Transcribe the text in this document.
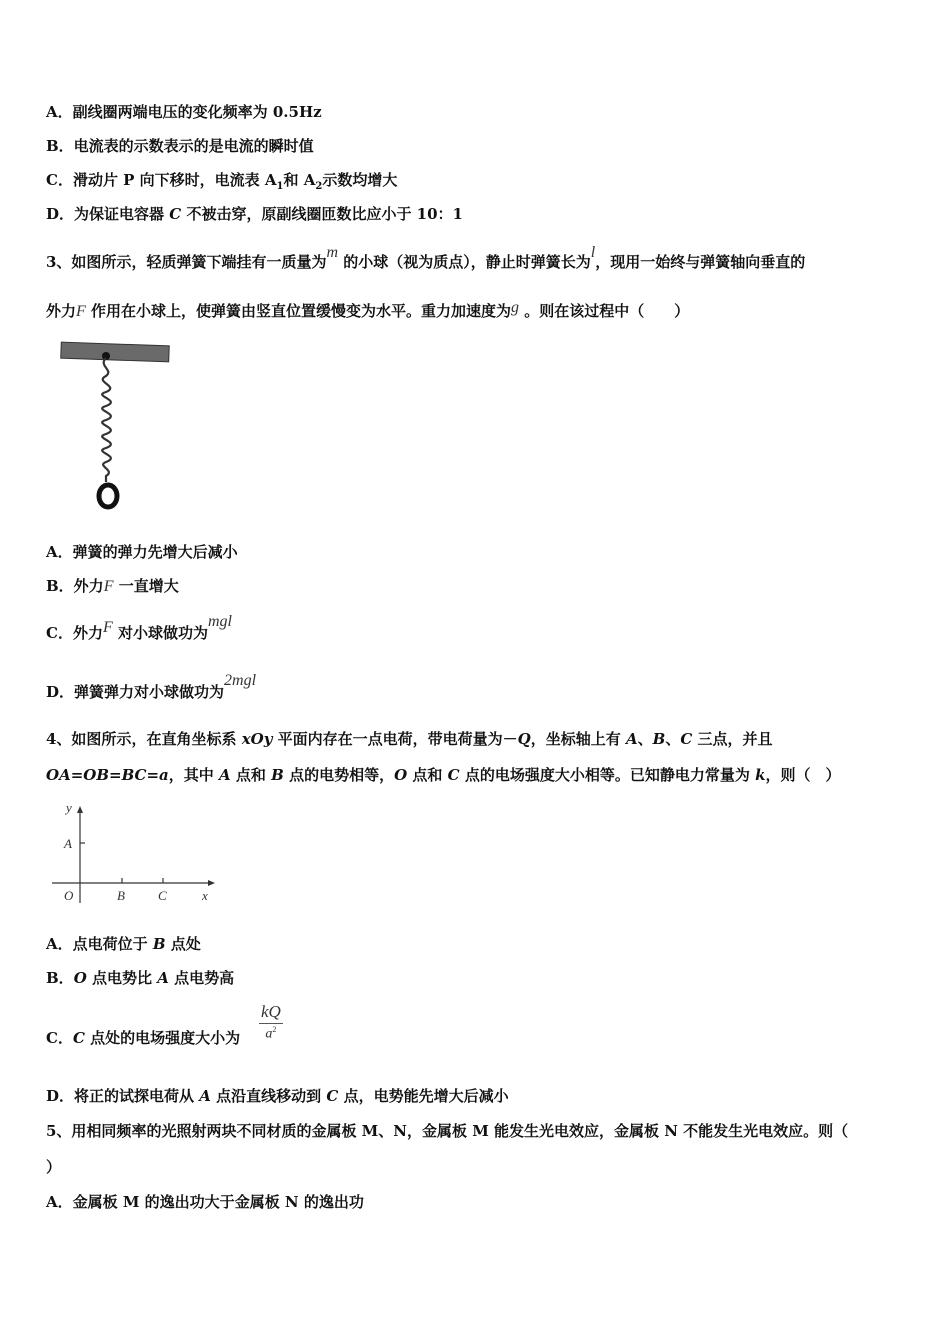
A．副线圈两端电压的变化频率为 0.5Hz
B．电流表的示数表示的是电流的瞬时值
C．滑动片 P 向下移时，电流表 $A_1$和 $A_2$示数均增大
D．为保证电容器 C 不被击穿，原副线圈匝数比应小于 10：1
3、如图所示，轻质弹簧下端挂有一质量为m 的小球（视为质点），静止时弹簧长为l，现用一始终与弹簧轴向垂直的
外力F 作用在小球上，使弹簧由竖直位置缓慢变为水平。重力加速度为g 。则在该过程中（　　）
A．弹簧的弹力先增大后减小
B．外力F 一直增大
C．外力F 对小球做功为mgl
D．弹簧弹力对小球做功为2mgl
4、如图所示，在直角坐标系 xOy 平面内存在一点电荷，带电荷量为－Q，坐标轴上有 A、B、C 三点，并且
OA=OB=BC=a，其中 A 点和 B 点的电势相等，O 点和 C 点的电场强度大小相等。已知静电力常量为 k，则（　）
y
A
O	B	C	x
A．点电荷位于 B 点处
B．O 点电势比 A 点电势高
C．C 点处的电场强度大小为
kQ
$a^2$
D．将正的试探电荷从 A 点沿直线移动到 C 点，电势能先增大后减小
5、用相同频率的光照射两块不同材质的金属板 M、N，金属板 M 能发生光电效应，金属板 N 不能发生光电效应。则（
）
A．金属板 M 的逸出功大于金属板 N 的逸出功
